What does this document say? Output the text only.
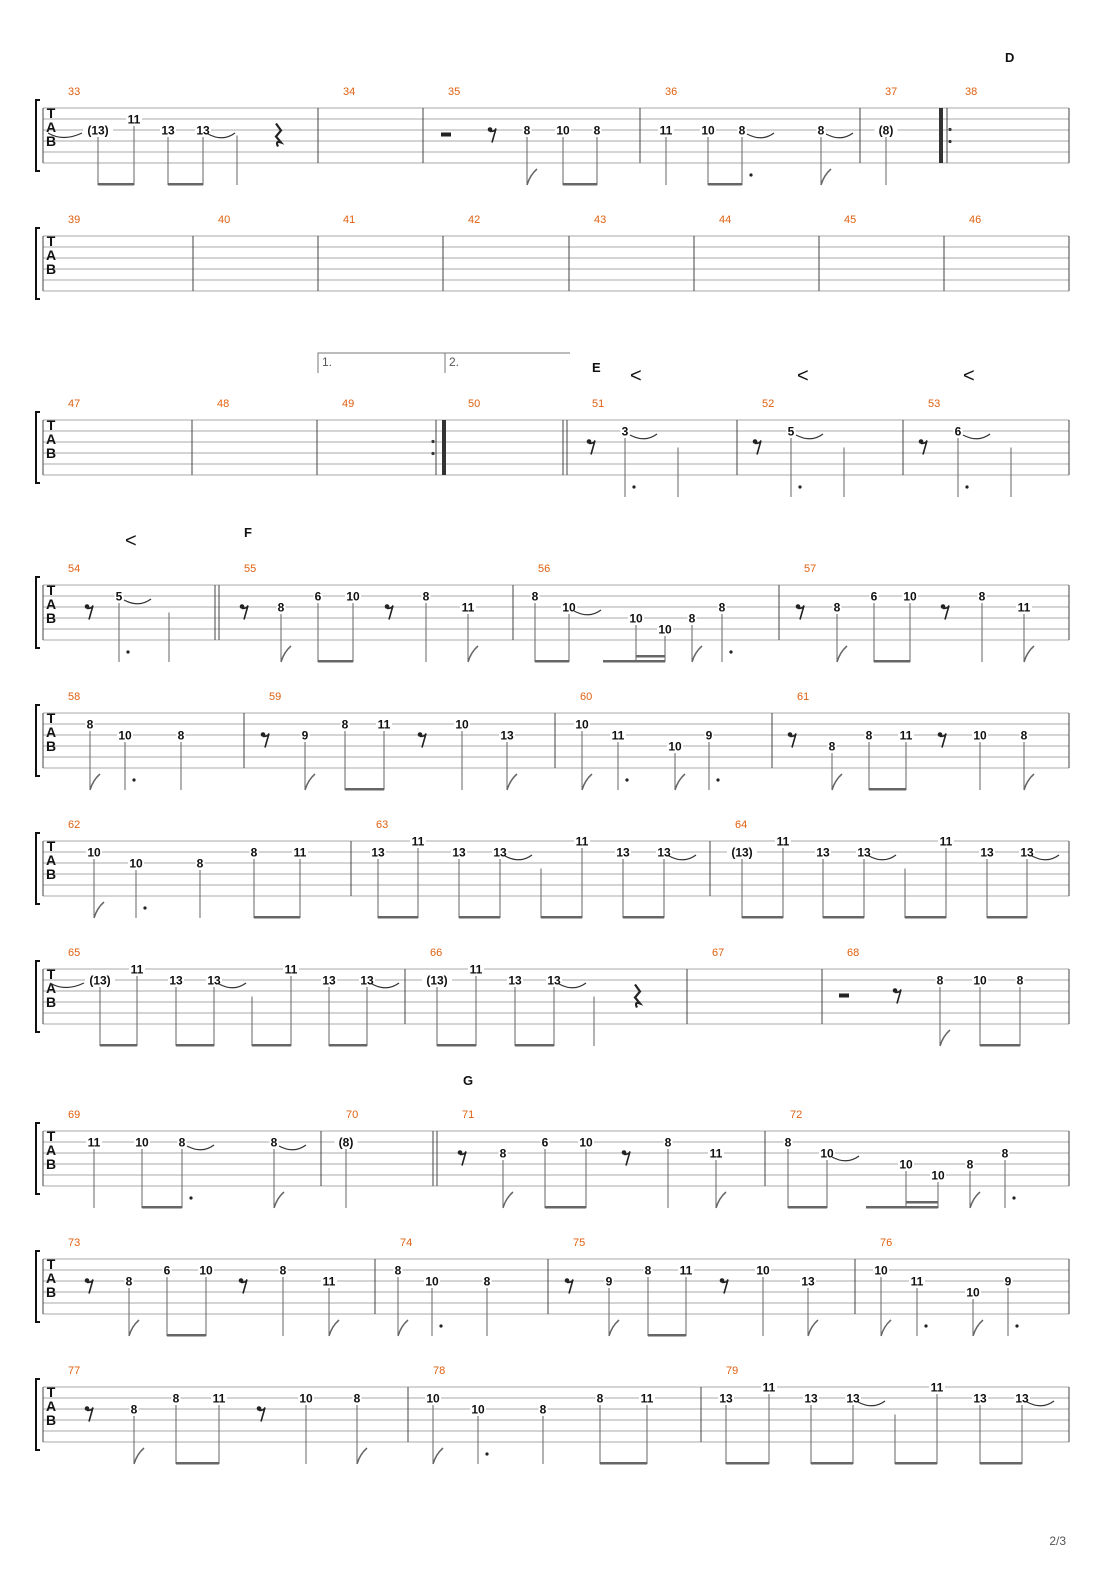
T
A
B
33
(13)
11
13 13
34	35
8 10 8
36
11 10 8	8
37
(8)
38
D
T
A
B
39	40	41	42	43	44	45	46
T
A
B
47	48	49	50	51
3
52
5
53
6
1.	2.	E <	<	<
T
A
B
54
5
55
8
6 10	8
11
56
8
10
10
10
8
8
57
8
6 10	8
11
F
<
T
A
B
58
8
10	8
59
9
8 11	10
13
60
10
11
10
9
61
8
8 11	10	8
T
A
B
62
10
10	8
8	11
63
13
11
13 13
11
13 13
64
(13)
11
13 13
11
13 13
T
A
B
65
(13)
11
13 13
11
13 13
66
(13)
11
13 13
67	68
8 10 8
T
A
B
69
11	10 8	8
70
(8)
71
8
6	10	8
11
72
8
10
10
10
8
8
G
T
A
B
73
8
6 10	8
11
74
8
10	8
75
9
8 11	10
13
76
10
11
10
9
T
A
B
77
8
8	11	10	8
78
10
10	8
8	11
79
13
11
13 13
11
13 13
2/3
